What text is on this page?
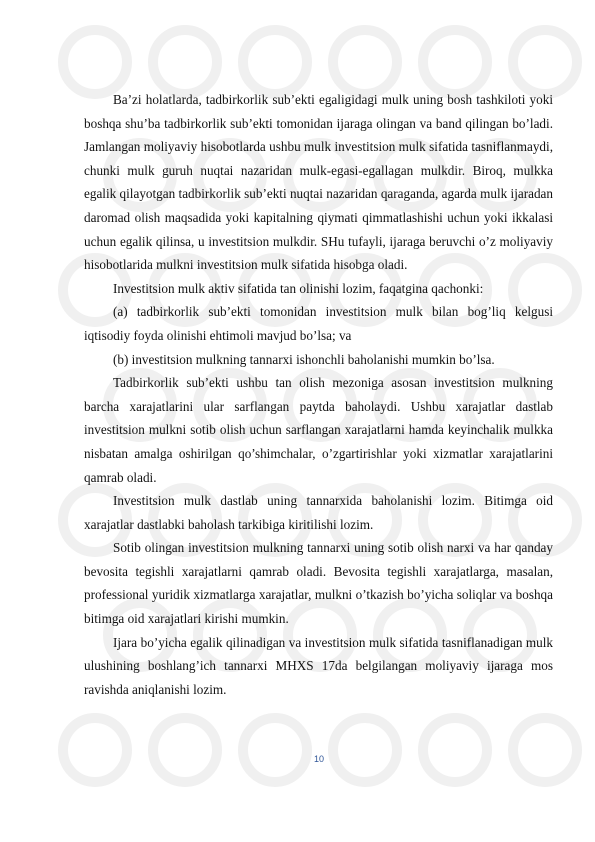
Ba’zi holatlarda, tadbirkorlik sub’ekti egaligidagi mulk uning bosh tashkiloti yoki boshqa shu’ba tadbirkorlik sub’ekti tomonidan ijaraga olingan va band qilingan bo’ladi. Jamlangan moliyaviy hisobotlarda ushbu mulk investitsion mulk sifatida tasniflanmaydi, chunki mulk guruh nuqtai nazaridan mulk-egasi-egallagan mulkdir. Biroq, mulkka egalik qilayotgan tadbirkorlik sub’ekti nuqtai nazaridan qaraganda, agarda mulk ijaradan daromad olish maqsadida yoki kapitalning qiymati qimmatlashishi uchun yoki ikkalasi uchun egalik qilinsa, u investitsion mulkdir. SHu tufayli, ijaraga beruvchi o’z moliyaviy hisobotlarida mulkni investitsion mulk sifatida hisobga oladi.

Investitsion mulk aktiv sifatida tan olinishi lozim, faqatgina qachonki:

(a) tadbirkorlik sub’ekti tomonidan investitsion mulk bilan bog’liq kelgusi iqtisodiy foyda olinishi ehtimoli mavjud bo’lsa; va

(b) investitsion mulkning tannarxi ishonchli baholanishi mumkin bo’lsa.

Tadbirkorlik sub’ekti ushbu tan olish mezoniga asosan investitsion mulkning barcha xarajatlarini ular sarflangan paytda baholaydi. Ushbu xarajatlar dastlab investitsion mulkni sotib olish uchun sarflangan xarajatlarni hamda keyinchalik mulkka nisbatan amalga oshirilgan qo’shimchalar, o’zgartirishlar yoki xizmatlar xarajatlarini qamrab oladi.

Investitsion mulk dastlab uning tannarxida baholanishi lozim. Bitimga oid xarajatlar dastlabki baholash tarkibiga kiritilishi lozim.

Sotib olingan investitsion mulkning tannarxi uning sotib olish narxi va har qanday bevosita tegishli xarajatlarni qamrab oladi. Bevosita tegishli xarajatlarga, masalan, professional yuridik xizmatlarga xarajatlar, mulkni o’tkazish bo’yicha soliqlar va boshqa bitimga oid xarajatlari kirishi mumkin.

Ijara bo’yicha egalik qilinadigan va investitsion mulk sifatida tasniflanadigan mulk ulushining boshlang’ich tannarxi MHXS 17da belgilangan moliyaviy ijaraga mos ravishda aniqlanishi lozim.

10
